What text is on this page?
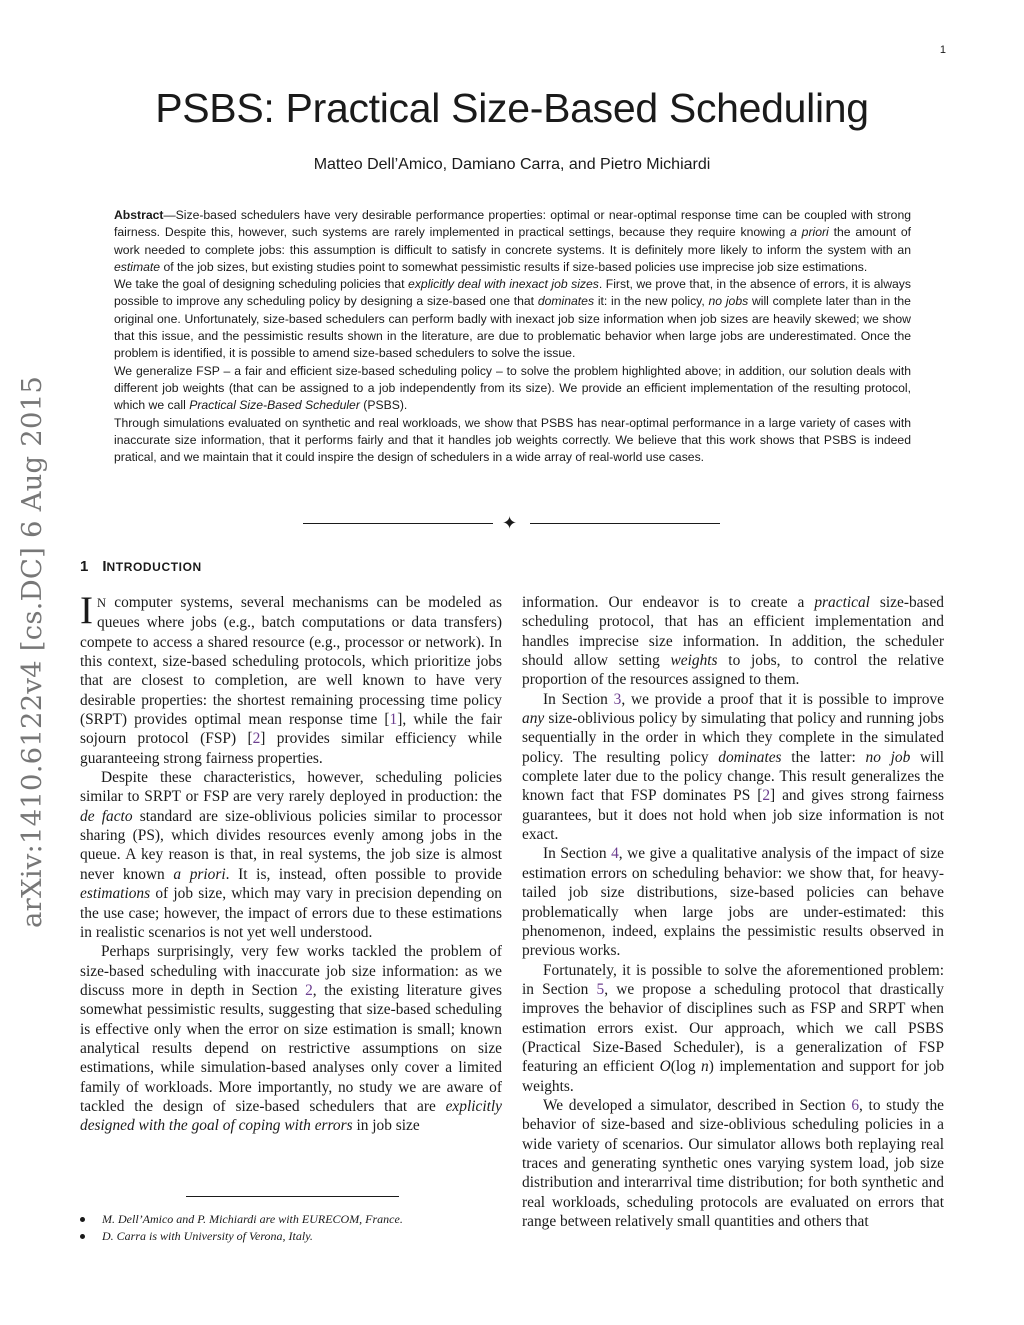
1
arXiv:1410.6122v4 [cs.DC] 6 Aug 2015
PSBS: Practical Size-Based Scheduling
Matteo Dell’Amico, Damiano Carra, and Pietro Michiardi

Abstract—Size-based schedulers have very desirable performance properties: optimal or near-optimal response time can be coupled with strong fairness. Despite this, however, such systems are rarely implemented in practical settings, because they require knowing a priori the amount of work needed to complete jobs: this assumption is difficult to satisfy in concrete systems. It is definitely more likely to inform the system with an estimate of the job sizes, but existing studies point to somewhat pessimistic results if size-based policies use imprecise job size estimations.

We take the goal of designing scheduling policies that explicitly deal with inexact job sizes. First, we prove that, in the absence of errors, it is always possible to improve any scheduling policy by designing a size-based one that dominates it: in the new policy, no jobs will complete later than in the original one. Unfortunately, size-based schedulers can perform badly with inexact job size information when job sizes are heavily skewed; we show that this issue, and the pessimistic results shown in the literature, are due to problematic behavior when large jobs are underestimated. Once the problem is identified, it is possible to amend size-based schedulers to solve the issue.

We generalize FSP – a fair and efficient size-based scheduling policy – to solve the problem highlighted above; in addition, our solution deals with different job weights (that can be assigned to a job independently from its size). We provide an efficient implementation of the resulting protocol, which we call Practical Size-Based Scheduler (PSBS).

Through simulations evaluated on synthetic and real workloads, we show that PSBS has near-optimal performance in a large variety of cases with inaccurate size information, that it performs fairly and that it handles job weights correctly. We believe that this work shows that PSBS is indeed pratical, and we maintain that it could inspire the design of schedulers in a wide array of real-world use cases.

✦
1 INTRODUCTION

I N computer systems, several mechanisms can be modeled as queues where jobs (e.g., batch computations or data transfers) compete to access a shared resource (e.g., processor or network). In this context, size-based scheduling protocols, which prioritize jobs that are closest to completion, are well known to have very desirable properties: the shortest remaining processing time policy (SRPT) provides optimal mean response time [1], while the fair sojourn protocol (FSP) [2] provides similar efficiency while guaranteeing strong fairness properties.

Despite these characteristics, however, scheduling policies similar to SRPT or FSP are very rarely deployed in production: the de facto standard are size-oblivious policies similar to processor sharing (PS), which divides resources evenly among jobs in the queue. A key reason is that, in real systems, the job size is almost never known a priori. It is, instead, often possible to provide estimations of job size, which may vary in precision depending on the use case; however, the impact of errors due to these estimations in realistic scenarios is not yet well understood.

Perhaps surprisingly, very few works tackled the problem of size-based scheduling with inaccurate job size information: as we discuss more in depth in Section 2, the existing literature gives somewhat pessimistic results, suggesting that size-based scheduling is effective only when the error on size estimation is small; known analytical results depend on restrictive assumptions on size estimations, while simulation-based analyses only cover a limited family of workloads. More importantly, no study we are aware of tackled the design of size-based schedulers that are explicitly designed with the goal of coping with errors in job size

M. Dell’Amico and P. Michiardi are with EURECOM, France.
D. Carra is with University of Verona, Italy.

information. Our endeavor is to create a practical size-based scheduling protocol, that has an efficient implementation and handles imprecise size information. In addition, the scheduler should allow setting weights to jobs, to control the relative proportion of the resources assigned to them.

In Section 3, we provide a proof that it is possible to improve any size-oblivious policy by simulating that policy and running jobs sequentially in the order in which they complete in the simulated policy. The resulting policy dominates the latter: no job will complete later due to the policy change. This result generalizes the known fact that FSP dominates PS [2] and gives strong fairness guarantees, but it does not hold when job size information is not exact.

In Section 4, we give a qualitative analysis of the impact of size estimation errors on scheduling behavior: we show that, for heavy-tailed job size distributions, size-based policies can behave problematically when large jobs are under-estimated: this phenomenon, indeed, explains the pessimistic results observed in previous works.

Fortunately, it is possible to solve the aforementioned problem: in Section 5, we propose a scheduling protocol that drastically improves the behavior of disciplines such as FSP and SRPT when estimation errors exist. Our approach, which we call PSBS (Practical Size-Based Scheduler), is a generalization of FSP featuring an efficient O(log n) implementation and support for job weights.

We developed a simulator, described in Section 6, to study the behavior of size-based and size-oblivious scheduling policies in a wide variety of scenarios. Our simulator allows both replaying real traces and generating synthetic ones varying system load, job size distribution and interarrival time distribution; for both synthetic and real workloads, scheduling protocols are evaluated on errors that range between relatively small quantities and others that
